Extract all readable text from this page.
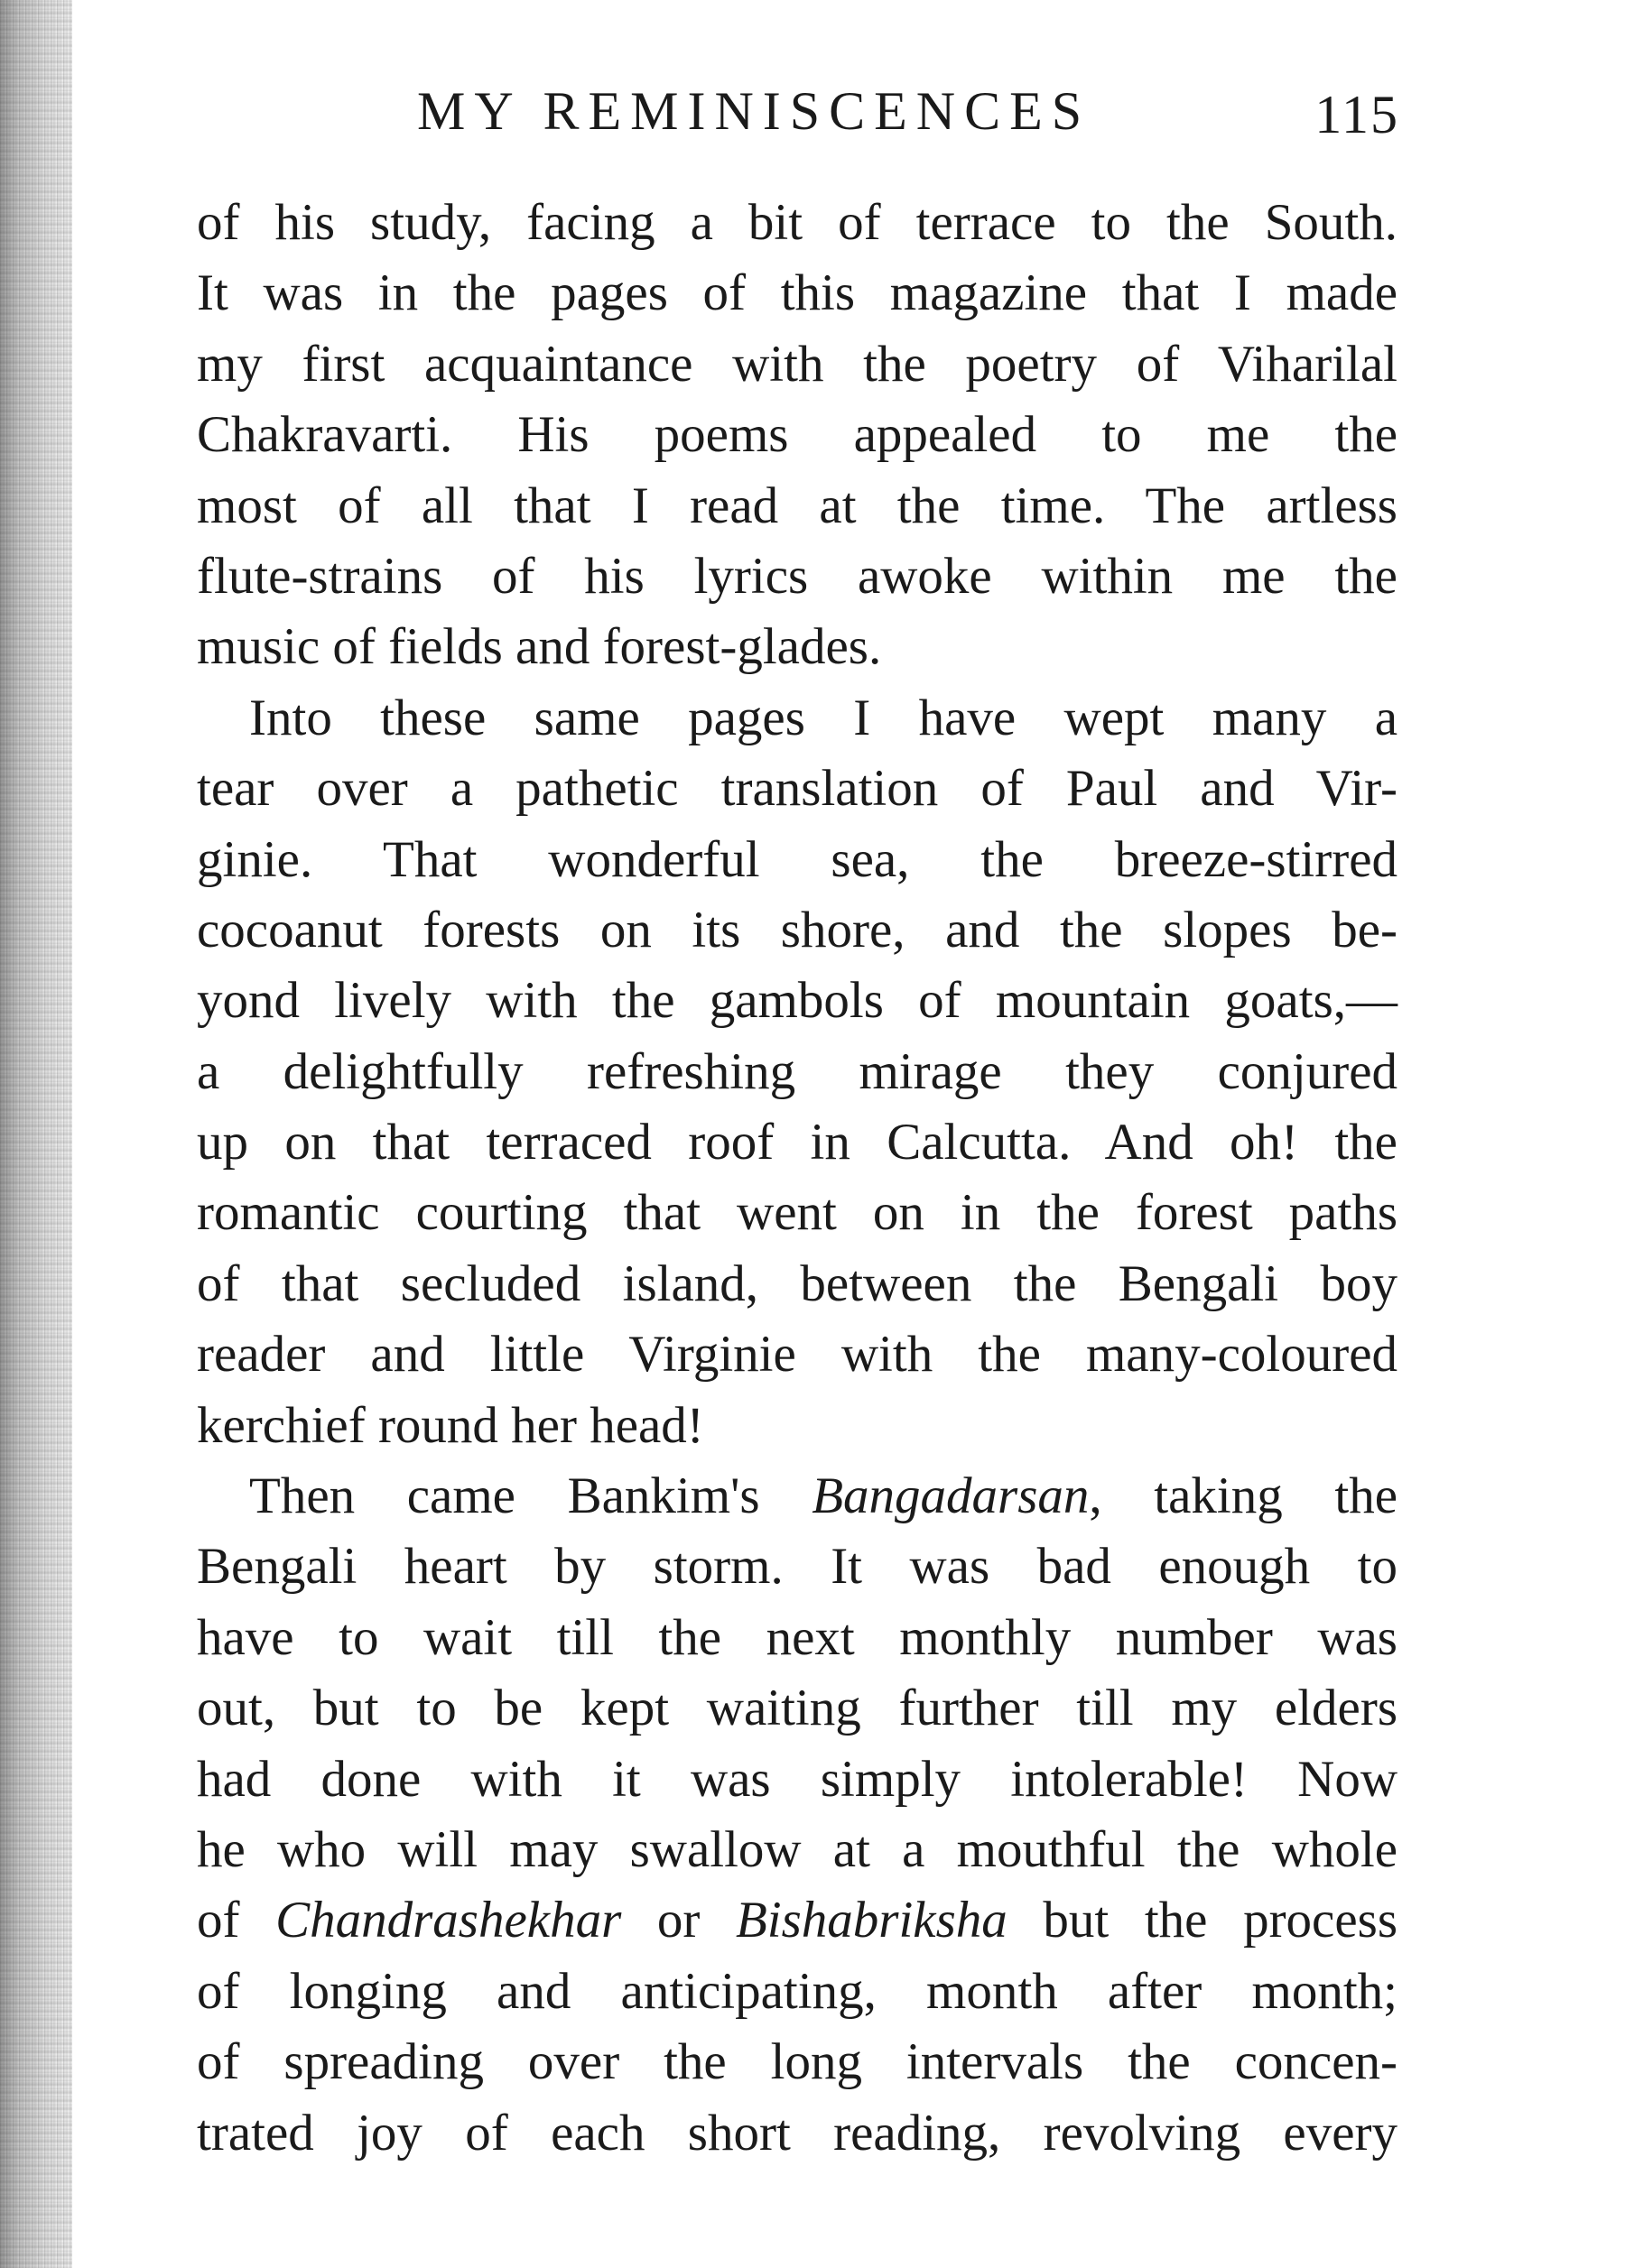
MY REMINISCENCES	115
of his study, facing a bit of terrace to the South.
It was in the pages of this magazine that I made
my first acquaintance with the poetry of Viharilal
Chakravarti. His poems appealed to me the
most of all that I read at the time. The artless
flute-strains of his lyrics awoke within me the
music of fields and forest-glades.
Into these same pages I have wept many a
tear over a pathetic translation of Paul and Vir-
ginie. That wonderful sea, the breeze-stirred
cocoanut forests on its shore, and the slopes be-
yond lively with the gambols of mountain goats,—
a delightfully refreshing mirage they conjured
up on that terraced roof in Calcutta. And oh! the
romantic courting that went on in the forest paths
of that secluded island, between the Bengali boy
reader and little Virginie with the many-coloured
kerchief round her head!
Then came Bankim's Bangadarsan, taking the
Bengali heart by storm. It was bad enough to
have to wait till the next monthly number was
out, but to be kept waiting further till my elders
had done with it was simply intolerable! Now
he who will may swallow at a mouthful the whole
of Chandrashekhar or Bishabriksha but the process
of longing and anticipating, month after month;
of spreading over the long intervals the concen-
trated joy of each short reading, revolving every
